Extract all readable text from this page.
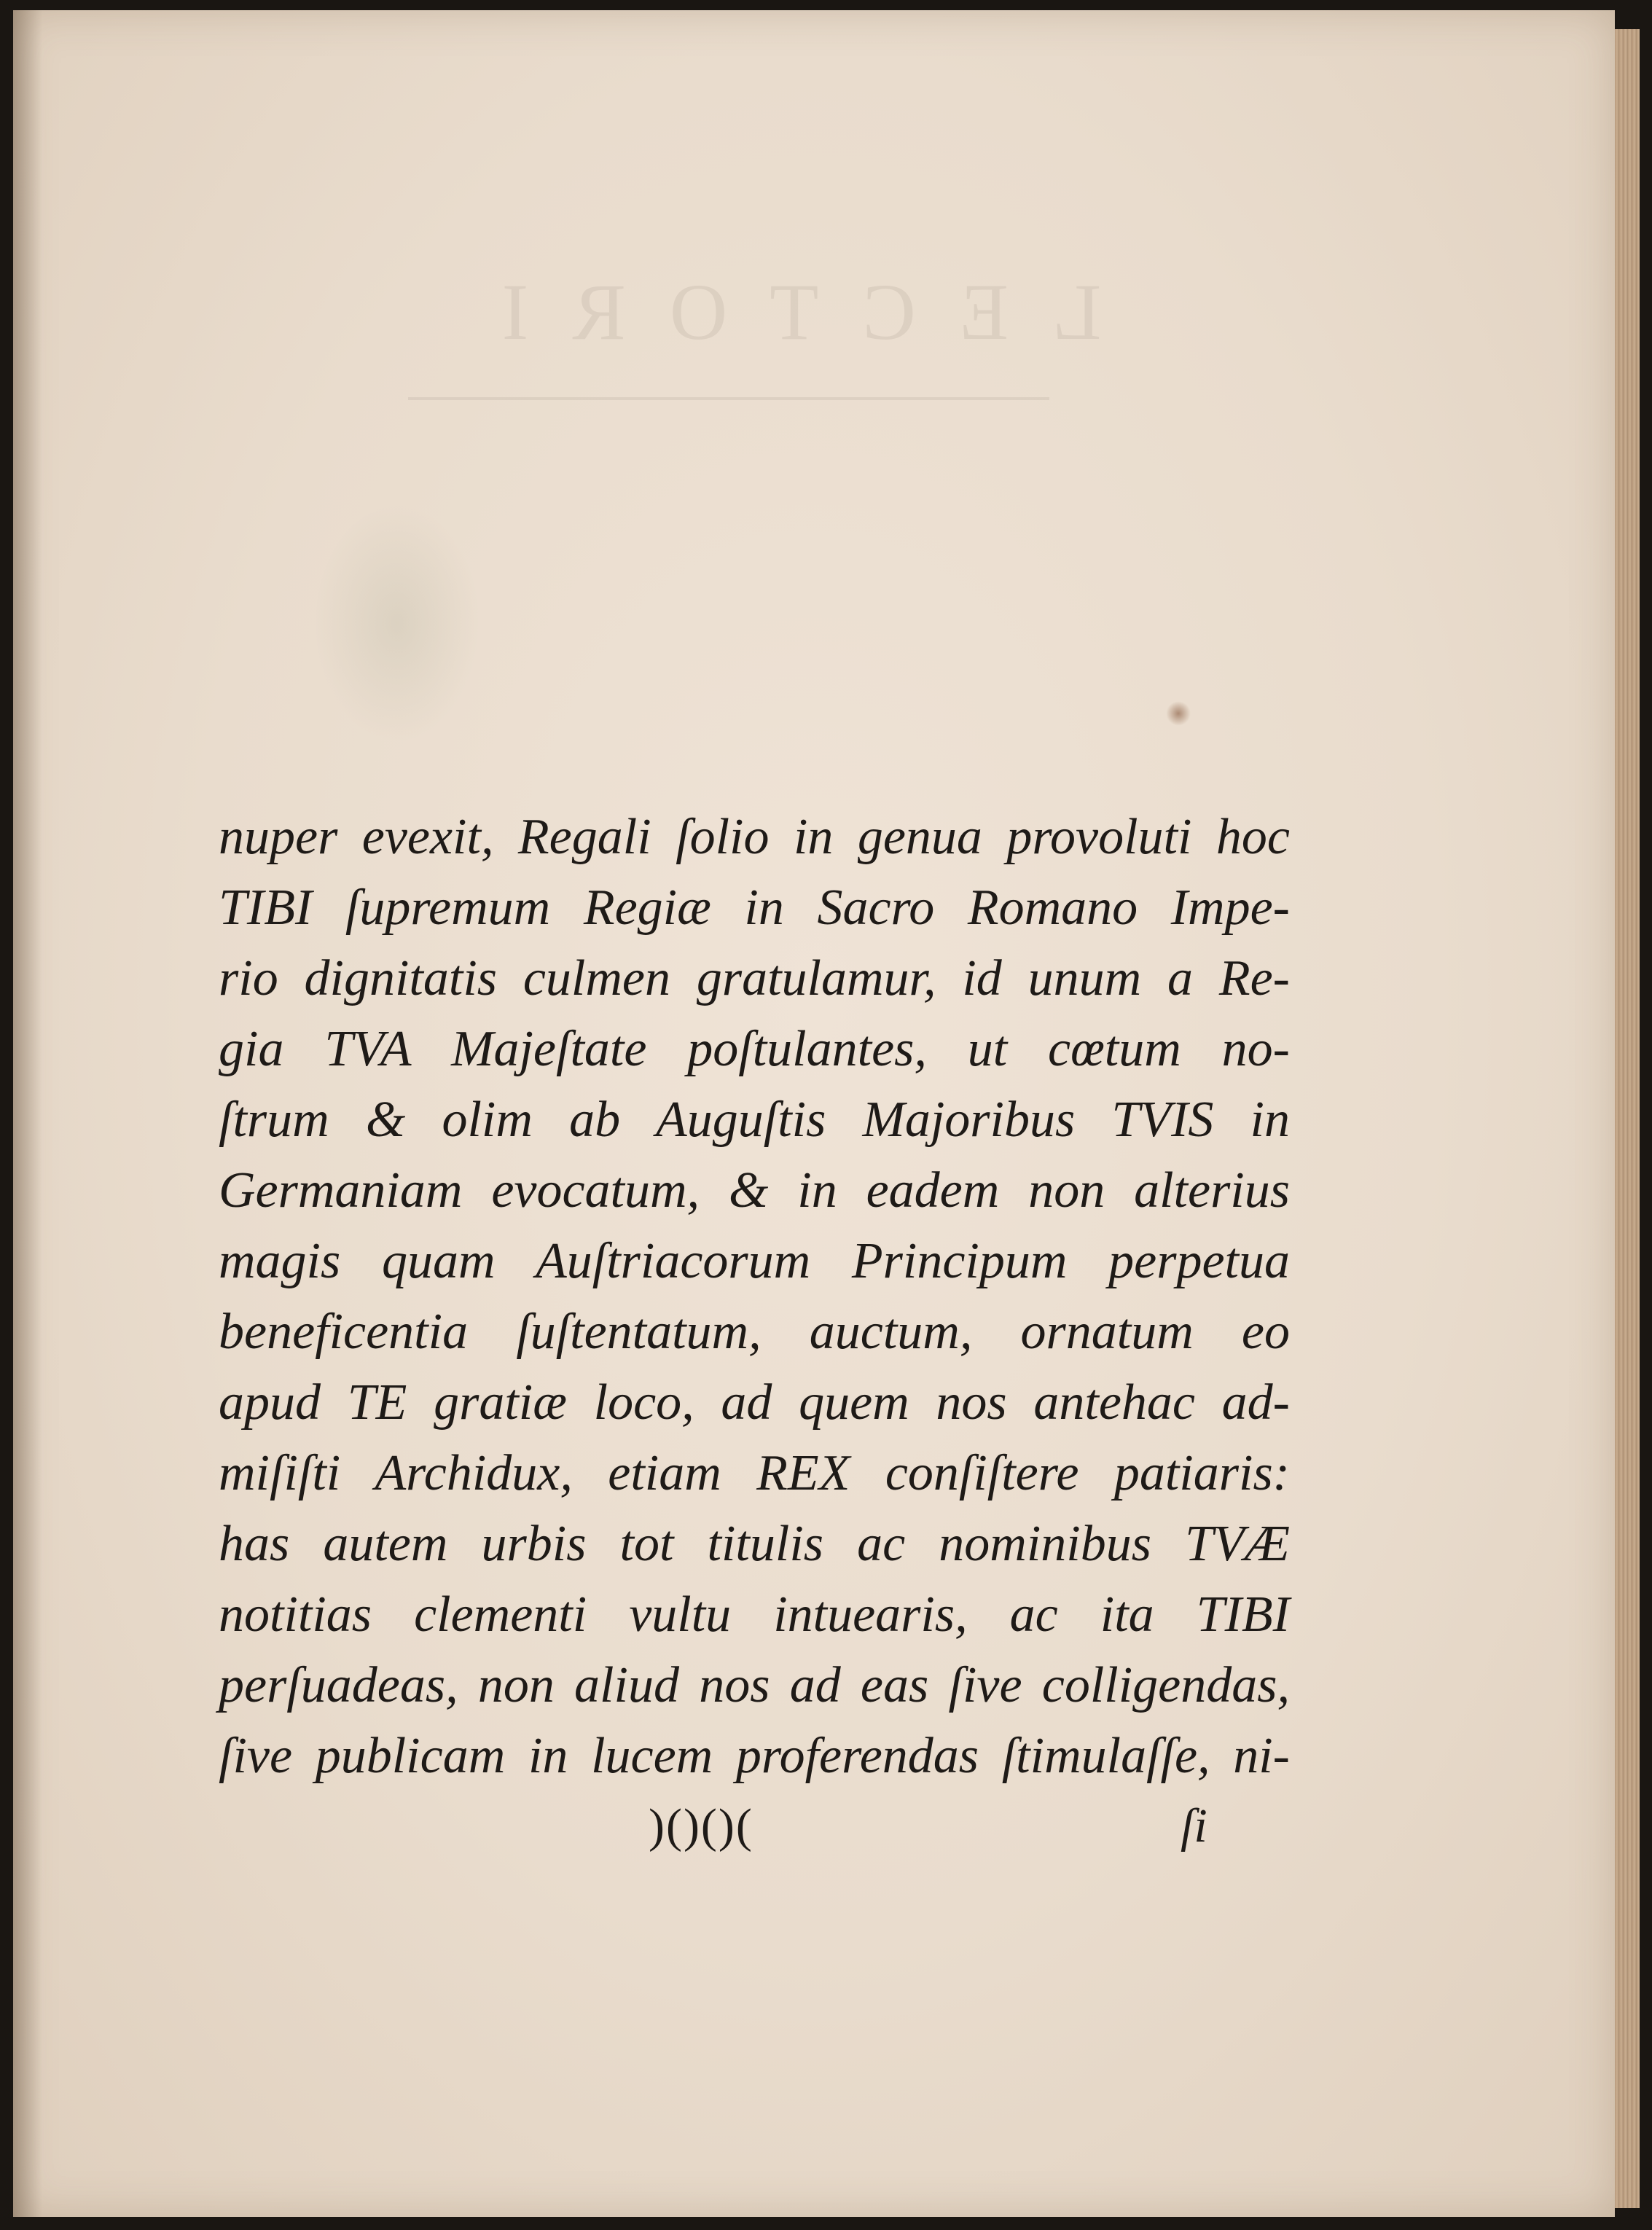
LECTORI
nuper evexit, Regali ſolio in genua provoluti hoc
TIBI ſupremum Regiæ in Sacro Romano Impe-
rio dignitatis culmen gratulamur, id unum a Re-
gia TVA Majeſtate poſtulantes, ut cœtum no-
ſtrum & olim ab Auguſtis Majoribus TVIS in
Germaniam evocatum, & in eadem non alterius
magis quam Auſtriacorum Principum perpetua
beneficentia ſuſtentatum, auctum, ornatum eo
apud TE gratiæ loco, ad quem nos antehac ad-
miſiſti Archidux, etiam REX conſiſtere patiaris:
has autem urbis tot titulis ac nominibus TVÆ
notitias clementi vultu intuearis, ac ita TIBI
perſuadeas, non aliud nos ad eas ſive colligendas,
ſive publicam in lucem proferendas ſtimulaſſe, ni-
)()()(	ſi
